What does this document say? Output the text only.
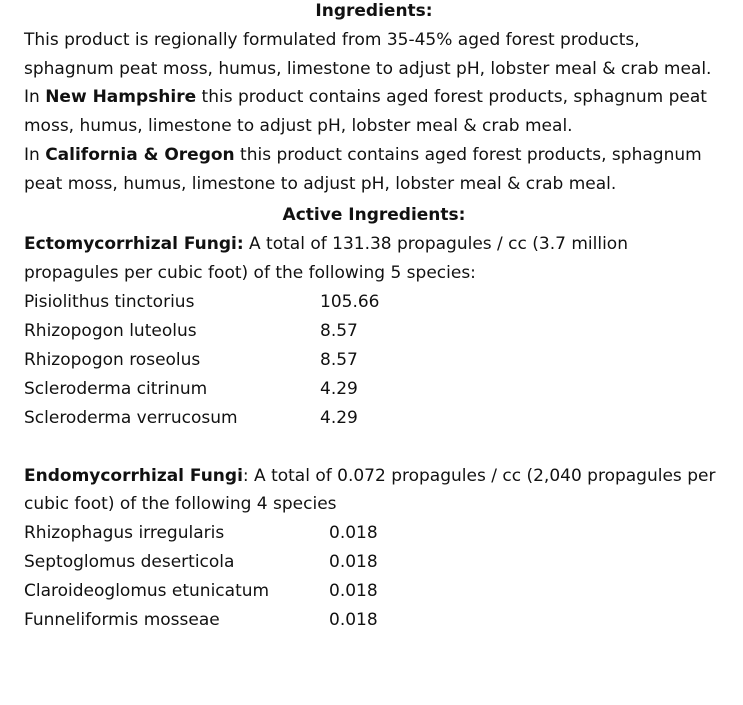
Ingredients:

This product is regionally formulated from 35-45% aged forest products, sphagnum peat moss, humus, limestone to adjust pH, lobster meal & crab meal.

In New Hampshire this product contains aged forest products, sphagnum peat moss, humus, limestone to adjust pH, lobster meal & crab meal.

In California & Oregon this product contains aged forest products, sphagnum peat moss, humus, limestone to adjust pH, lobster meal & crab meal.

Active Ingredients:

Ectomycorrhizal Fungi: A total of 131.38 propagules / cc (3.7 million propagules per cubic foot) of the following 5 species:

Pisiolithus tinctorius	105.66
Rhizopogon luteolus	8.57
Rhizopogon roseolus	8.57
Scleroderma citrinum	4.29
Scleroderma verrucosum	4.29

Endomycorrhizal Fungi: A total of 0.072 propagules / cc (2,040 propagules per cubic foot) of the following 4 species

Rhizophagus irregularis	0.018
Septoglomus deserticola	0.018
Claroideoglomus etunicatum	0.018
Funneliformis mosseae	0.018
